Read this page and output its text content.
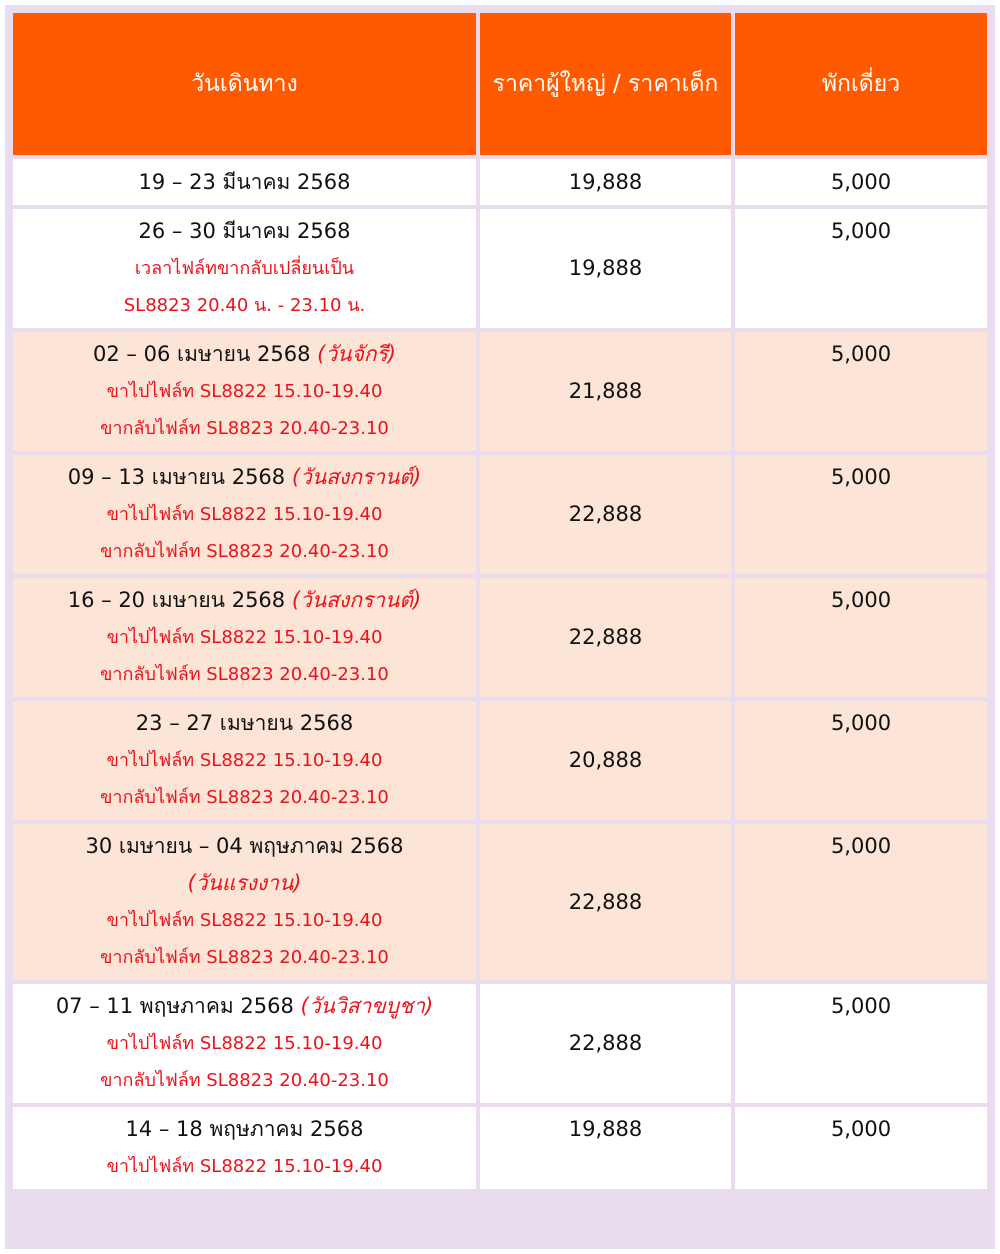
วันเดินทาง	ราคาผู้ใหญ่ / ราคาเด็ก	พักเดี่ยว

19 – 23 มีนาคม 2568	19,888	5,000

26 – 30 มีนาคม 2568
เวลาไฟล์ทขากลับเปลี่ยนเป็น
SL8823 20.40 น. - 23.10 น.	19,888	5,000

02 – 06 เมษายน 2568 (วันจักรี)
ขาไปไฟล์ท SL8822 15.10-19.40
ขากลับไฟล์ท SL8823 20.40-23.10	21,888	5,000

09 – 13 เมษายน 2568 (วันสงกรานต์)
ขาไปไฟล์ท SL8822 15.10-19.40
ขากลับไฟล์ท SL8823 20.40-23.10	22,888	5,000

16 – 20 เมษายน 2568 (วันสงกรานต์)
ขาไปไฟล์ท SL8822 15.10-19.40
ขากลับไฟล์ท SL8823 20.40-23.10	22,888	5,000

23 – 27 เมษายน 2568
ขาไปไฟล์ท SL8822 15.10-19.40
ขากลับไฟล์ท SL8823 20.40-23.10	20,888	5,000

30 เมษายน – 04 พฤษภาคม 2568
(วันแรงงาน)
ขาไปไฟล์ท SL8822 15.10-19.40
ขากลับไฟล์ท SL8823 20.40-23.10	22,888	5,000

07 – 11 พฤษภาคม 2568 (วันวิสาขบูชา)
ขาไปไฟล์ท SL8822 15.10-19.40
ขากลับไฟล์ท SL8823 20.40-23.10	22,888	5,000

14 – 18 พฤษภาคม 2568
ขาไปไฟล์ท SL8822 15.10-19.40	19,888	5,000
